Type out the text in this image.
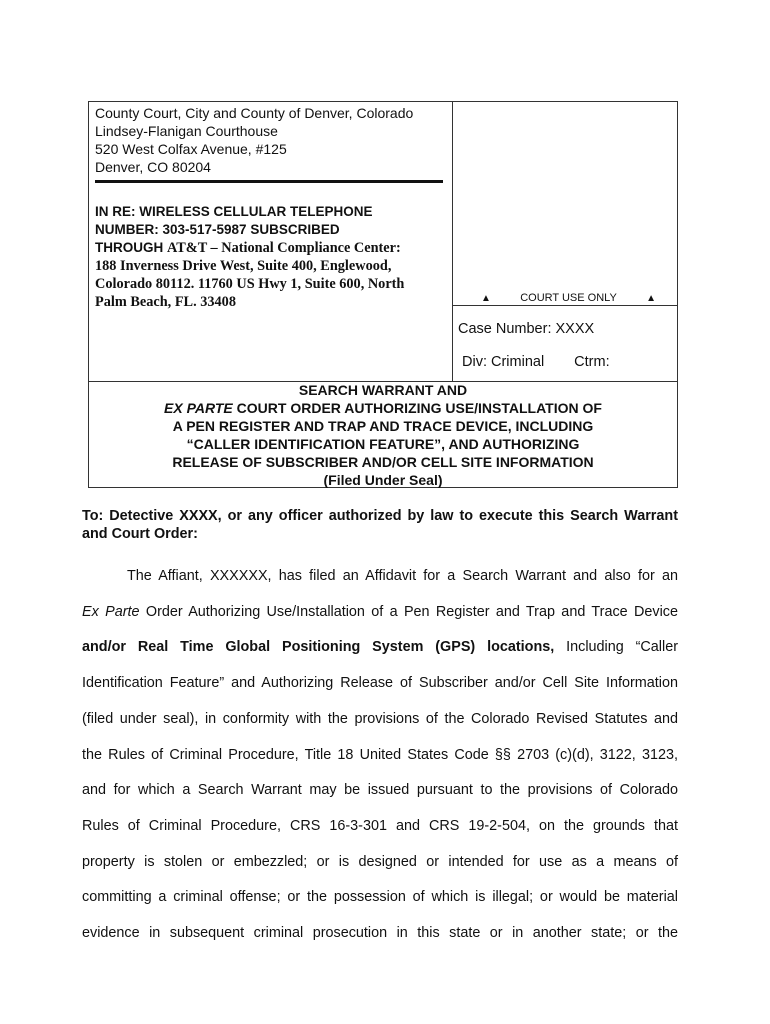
County Court, City and County of Denver, Colorado
Lindsey-Flanigan Courthouse
520 West Colfax Avenue, #125
Denver, CO 80204
IN RE: WIRELESS CELLULAR TELEPHONE
NUMBER: 303-517-5987 SUBSCRIBED
THROUGH AT&T – National Compliance Center:
188 Inverness Drive West, Suite 400, Englewood,
Colorado 80112. 11760 US Hwy 1, Suite 600, North
Palm Beach, FL. 33408	▲	COURT USE ONLY	▲
Case Number: XXXX
Div: Criminal Ctrm:
SEARCH WARRANT AND
EX PARTE COURT ORDER AUTHORIZING USE/INSTALLATION OF
A PEN REGISTER AND TRAP AND TRACE DEVICE, INCLUDING
“CALLER IDENTIFICATION FEATURE”, AND AUTHORIZING
RELEASE OF SUBSCRIBER AND/OR CELL SITE INFORMATION
(Filed Under Seal)
To: Detective XXXX, or any officer authorized by law to execute this Search Warrant and Court Order:
The Affiant, XXXXXX, has filed an Affidavit for a Search Warrant and also for an
Ex Parte Order Authorizing Use/Installation of a Pen Register and Trap and Trace Device
and/or Real Time Global Positioning System (GPS) locations, Including “Caller
Identification Feature” and Authorizing Release of Subscriber and/or Cell Site Information
(filed under seal), in conformity with the provisions of the Colorado Revised Statutes and
the Rules of Criminal Procedure, Title 18 United States Code §§ 2703 (c)(d), 3122, 3123,
and for which a Search Warrant may be issued pursuant to the provisions of Colorado
Rules of Criminal Procedure, CRS 16-3-301 and CRS 19-2-504, on the grounds that
property is stolen or embezzled; or is designed or intended for use as a means of
committing a criminal offense; or the possession of which is illegal; or would be material
evidence in subsequent criminal prosecution in this state or in another state; or the
